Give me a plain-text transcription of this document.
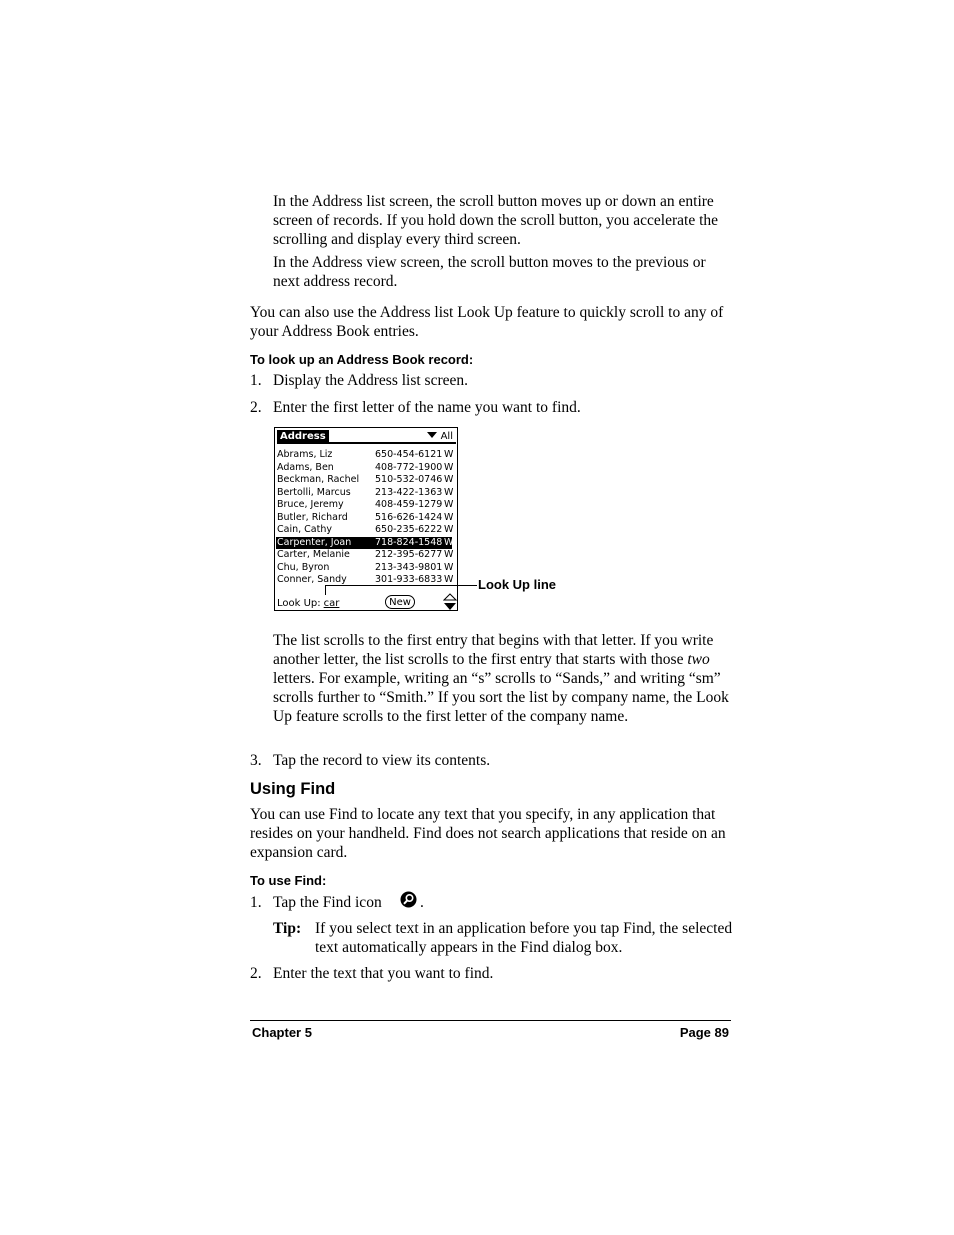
In the Address list screen, the scroll button moves up or down an entire screen of records. If you hold down the scroll button, you accelerate the scrolling and display every third screen.

In the Address view screen, the scroll button moves to the previous or next address record.

You can also use the Address list Look Up feature to quickly scroll to any of your Address Book entries.

To look up an Address Book record:
1. Display the Address list screen.
2. Enter the first letter of the name you want to find.
Address	All
Abrams, Liz	650-454-6121 W
Adams, Ben	408-772-1900 W
Beckman, Rachel 510-532-0746 W
Bertolli, Marcus	213-422-1363 W
Bruce, Jeremy	408-459-1279 W
Butler, Richard	516-626-1424 W
Cain, Cathy	650-235-6222 W
Carpenter, Joan	718-824-1548 W
Carter, Melanie	212-395-6277 W
Chu, Byron	213-343-9801 W
Conner, Sandy	301-933-6833 W
Look Up: car	New
Look Up line

The list scrolls to the first entry that begins with that letter. If you write another letter, the list scrolls to the first entry that starts with those two letters. For example, writing an “s” scrolls to “Sands,” and writing “sm” scrolls further to “Smith.” If you sort the list by company name, the Look Up feature scrolls to the first letter of the company name.

3. Tap the record to view its contents.
Using Find

You can use Find to locate any text that you specify, in any application that resides on your handheld. Find does not search applications that reside on an expansion card.

To use Find:
1. Tap the Find icon .
Tip: If you select text in an application before you tap Find, the selected text automatically appears in the Find dialog box.

2. Enter the text that you want to find.
Chapter 5	Page 89
